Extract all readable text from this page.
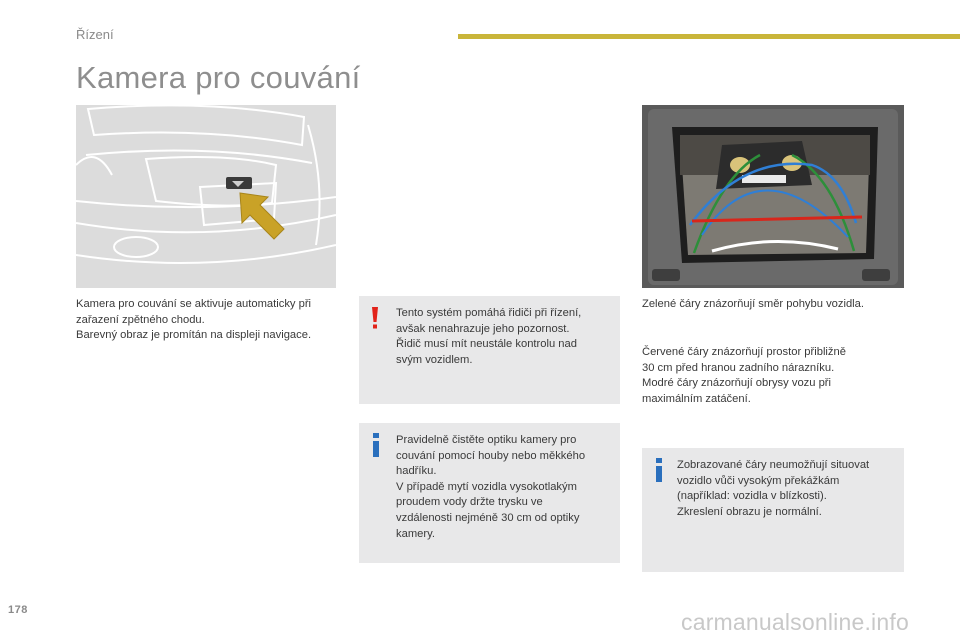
Řízení
Kamera pro couvání

Kamera pro couvání se aktivuje automaticky při

zařazení zpětného chodu.

Barevný obraz je promítán na displeji navigace.

Tento systém pomáhá řidiči při řízení,

avšak nenahrazuje jeho pozornost.

Řidič musí mít neustále kontrolu nad

svým vozidlem.

Pravidelně čistěte optiku kamery pro

couvání pomocí houby nebo měkkého

hadříku.

V případě mytí vozidla vysokotlakým

proudem vody držte trysku ve

vzdálenosti nejméně 30 cm od optiky

kamery.

Zelené čáry znázorňují směr pohybu vozidla.

Červené čáry znázorňují prostor přibližně

30 cm před hranou zadního nárazníku.

Modré čáry znázorňují obrysy vozu při

maximálním zatáčení.

Zobrazované čáry neumožňují situovat

vozidlo vůči vysokým překážkám

(například: vozidla v blízkosti).

Zkreslení obrazu je normální.

178	carmanualsonline.info
